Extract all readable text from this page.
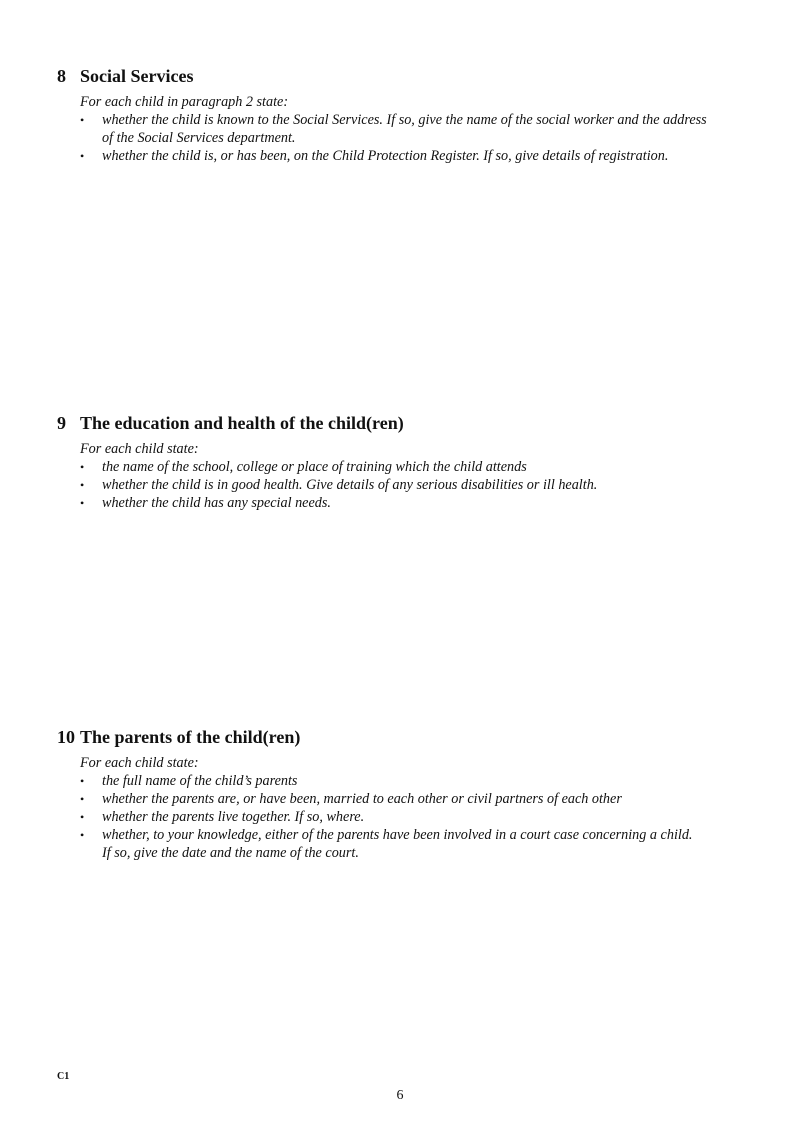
8 Social Services
For each child in paragraph 2 state:
• whether the child is known to the Social Services. If so, give the name of the social worker and the address
of the Social Services department.
• whether the child is, or has been, on the Child Protection Register. If so, give details of registration.
9 The education and health of the child(ren)
For each child state:
• the name of the school, college or place of training which the child attends
• whether the child is in good health. Give details of any serious disabilities or ill health.
• whether the child has any special needs.
10 The parents of the child(ren)
For each child state:
• the full name of the child’s parents
• whether the parents are, or have been, married to each other or civil partners of each other
• whether the parents live together. If so, where.
• whether, to your knowledge, either of the parents have been involved in a court case concerning a child.
If so, give the date and the name of the court.
C1
6
